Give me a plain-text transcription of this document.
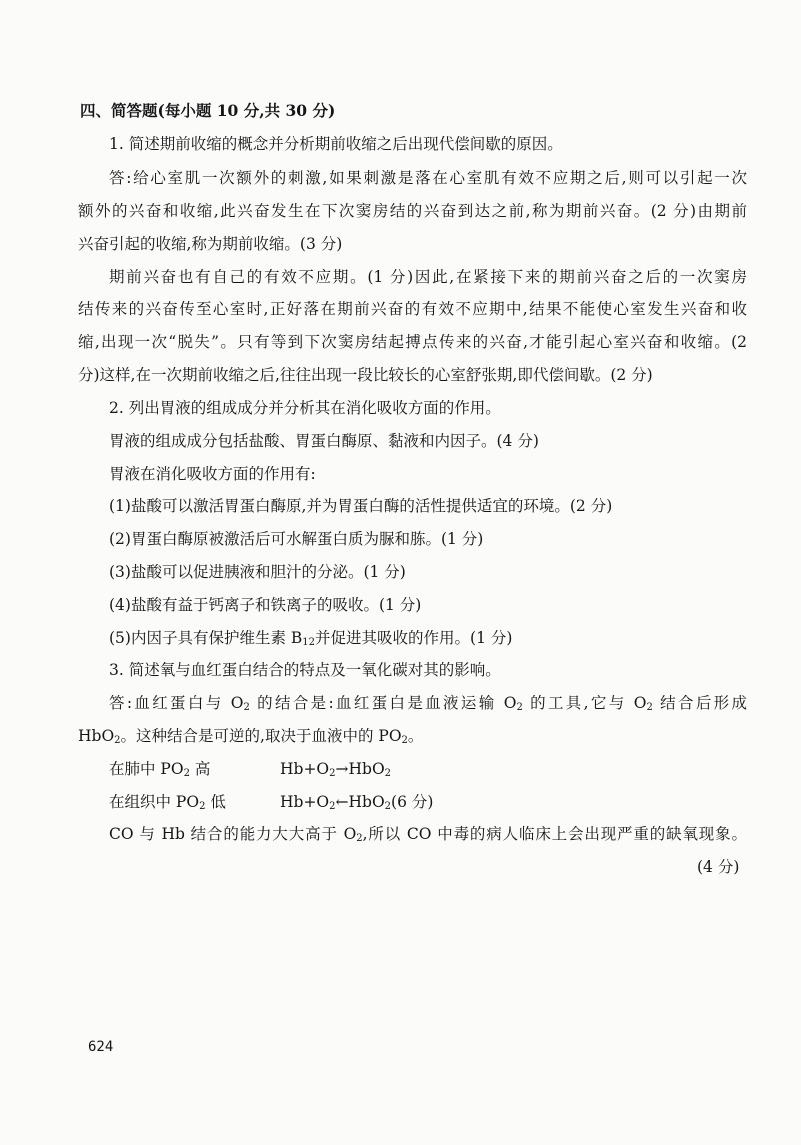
四、简答题(每小题 10 分,共 30 分)
1. 简述期前收缩的概念并分析期前收缩之后出现代偿间歇的原因。
答:给心室肌一次额外的刺激,如果刺激是落在心室肌有效不应期之后,则可以引起一次
额外的兴奋和收缩,此兴奋发生在下次窦房结的兴奋到达之前,称为期前兴奋。(2 分)由期前
兴奋引起的收缩,称为期前收缩。(3 分)
期前兴奋也有自己的有效不应期。(1 分)因此,在紧接下来的期前兴奋之后的一次窦房
结传来的兴奋传至心室时,正好落在期前兴奋的有效不应期中,结果不能使心室发生兴奋和收
缩,出现一次“脱失”。只有等到下次窦房结起搏点传来的兴奋,才能引起心室兴奋和收缩。(2
分)这样,在一次期前收缩之后,往往出现一段比较长的心室舒张期,即代偿间歇。(2 分)
2. 列出胃液的组成成分并分析其在消化吸收方面的作用。
胃液的组成成分包括盐酸、胃蛋白酶原、黏液和内因子。(4 分)
胃液在消化吸收方面的作用有:
(1)盐酸可以激活胃蛋白酶原,并为胃蛋白酶的活性提供适宜的环境。(2 分)
(2)胃蛋白酶原被激活后可水解蛋白质为脲和胨。(1 分)
(3)盐酸可以促进胰液和胆汁的分泌。(1 分)
(4)盐酸有益于钙离子和铁离子的吸收。(1 分)
(5)内因子具有保护维生素 $B_{12}$并促进其吸收的作用。(1 分)
3. 简述氧与血红蛋白结合的特点及一氧化碳对其的影响。
答:血红蛋白与 $O_2$ 的结合是:血红蛋白是血液运输 $O_2$ 的工具,它与 $O_2$ 结合后形成
HbO$_2$。这种结合是可逆的,取决于血液中的 $PO_2$。
在肺中 $PO_2$ 高	$Hb+O_2\to HbO_2$
在组织中 $PO_2$ 低	$Hb+O_2\leftarrow HbO_2(6$ 分)
CO 与 Hb 结合的能力大大高于 $O_2$,所以 CO 中毒的病人临床上会出现严重的缺氧现象。
(4 分)
624
